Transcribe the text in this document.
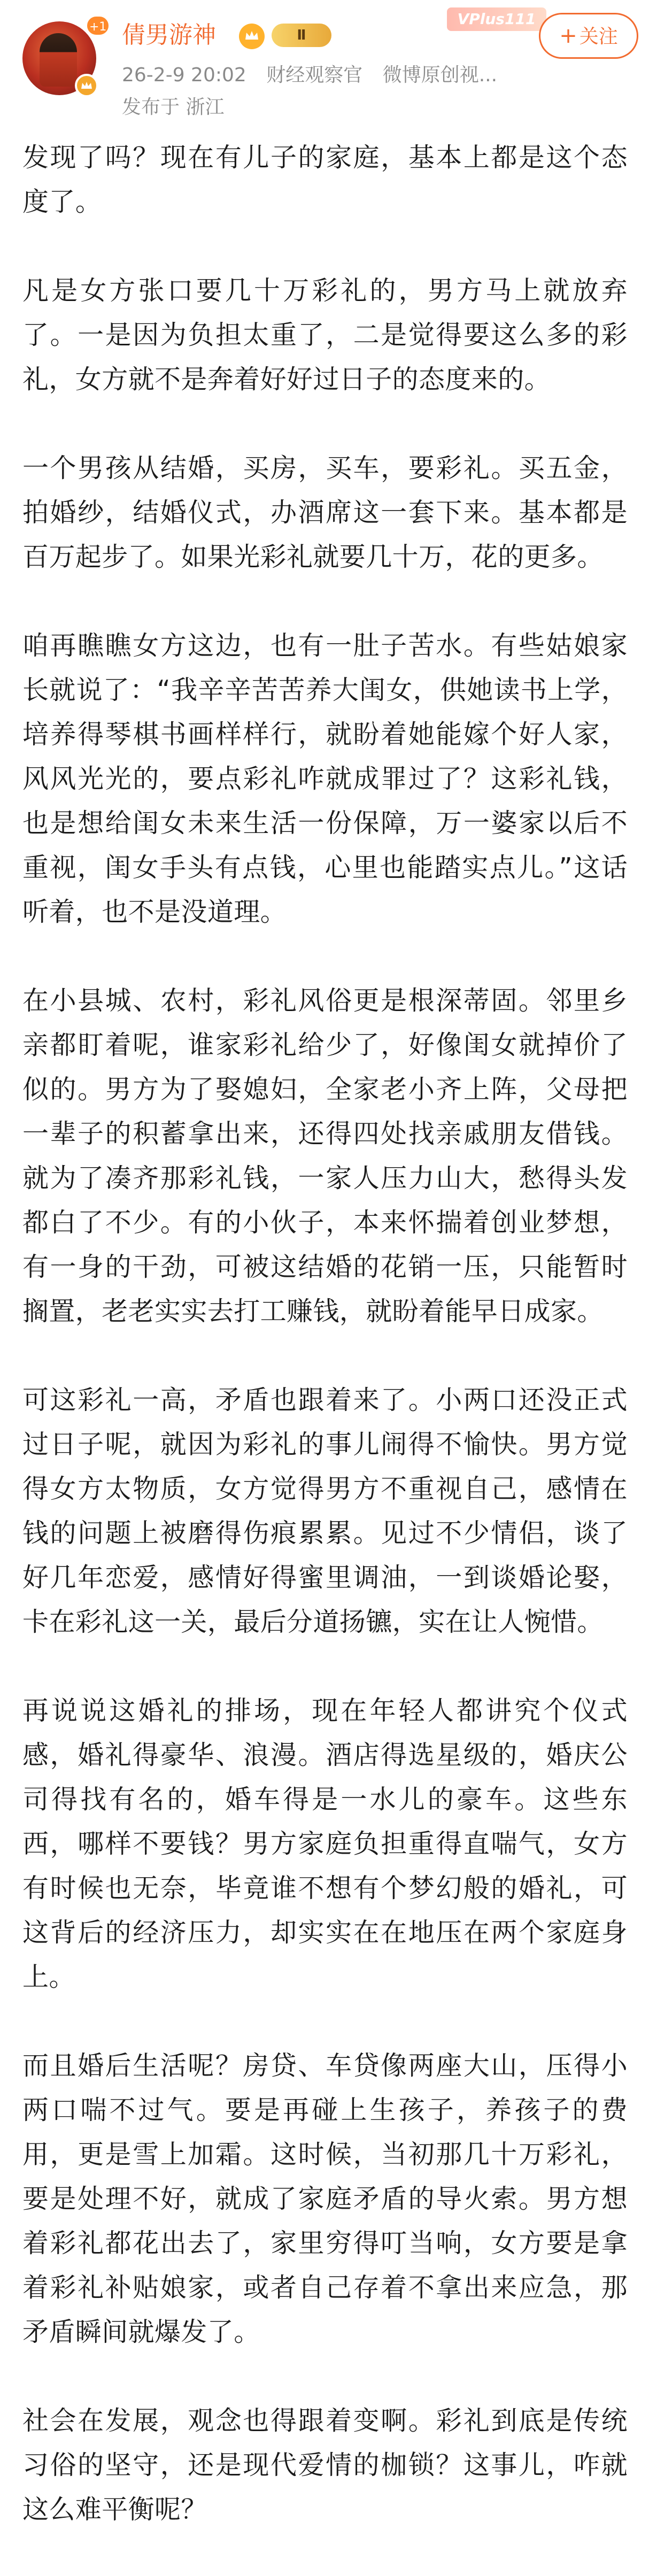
+1 倩男游神	Ⅱ
26-2-9 20:02 财经观察官 微博原创视...
发布于 浙江
VPlus111
+ 关注

发现了吗？现在有儿子的家庭，基本上都是这个态度了。

凡是女方张口要几十万彩礼的，男方马上就放弃了。一是因为负担太重了，二是觉得要这么多的彩礼，女方就不是奔着好好过日子的态度来的。

一个男孩从结婚，买房，买车，要彩礼。买五金，拍婚纱，结婚仪式，办酒席这一套下来。基本都是百万起步了。如果光彩礼就要几十万，花的更多。

咱再瞧瞧女方这边，也有一肚子苦水。有些姑娘家长就说了：“我辛辛苦苦养大闺女，供她读书上学，培养得琴棋书画样样行，就盼着她能嫁个好人家，风风光光的，要点彩礼咋就成罪过了？这彩礼钱，也是想给闺女未来生活一份保障，万一婆家以后不重视，闺女手头有点钱，心里也能踏实点儿。”这话听着，也不是没道理。

在小县城、农村，彩礼风俗更是根深蒂固。邻里乡亲都盯着呢，谁家彩礼给少了，好像闺女就掉价了似的。男方为了娶媳妇，全家老小齐上阵，父母把一辈子的积蓄拿出来，还得四处找亲戚朋友借钱。就为了凑齐那彩礼钱，一家人压力山大，愁得头发都白了不少。有的小伙子，本来怀揣着创业梦想，有一身的干劲，可被这结婚的花销一压，只能暂时搁置，老老实实去打工赚钱，就盼着能早日成家。

可这彩礼一高，矛盾也跟着来了。小两口还没正式过日子呢，就因为彩礼的事儿闹得不愉快。男方觉得女方太物质，女方觉得男方不重视自己，感情在钱的问题上被磨得伤痕累累。见过不少情侣，谈了好几年恋爱，感情好得蜜里调油，一到谈婚论娶，卡在彩礼这一关，最后分道扬镳，实在让人惋惜。

再说说这婚礼的排场，现在年轻人都讲究个仪式感，婚礼得豪华、浪漫。酒店得选星级的，婚庆公司得找有名的，婚车得是一水儿的豪车。这些东西，哪样不要钱？男方家庭负担重得直喘气，女方有时候也无奈，毕竟谁不想有个梦幻般的婚礼，可这背后的经济压力，却实实在在地压在两个家庭身上。

而且婚后生活呢？房贷、车贷像两座大山，压得小两口喘不过气。要是再碰上生孩子，养孩子的费用，更是雪上加霜。这时候，当初那几十万彩礼，要是处理不好，就成了家庭矛盾的导火索。男方想着彩礼都花出去了，家里穷得叮当响，女方要是拿着彩礼补贴娘家，或者自己存着不拿出来应急，那矛盾瞬间就爆发了。

社会在发展，观念也得跟着变啊。彩礼到底是传统习俗的坚守，还是现代爱情的枷锁？这事儿，咋就这么难平衡呢？
